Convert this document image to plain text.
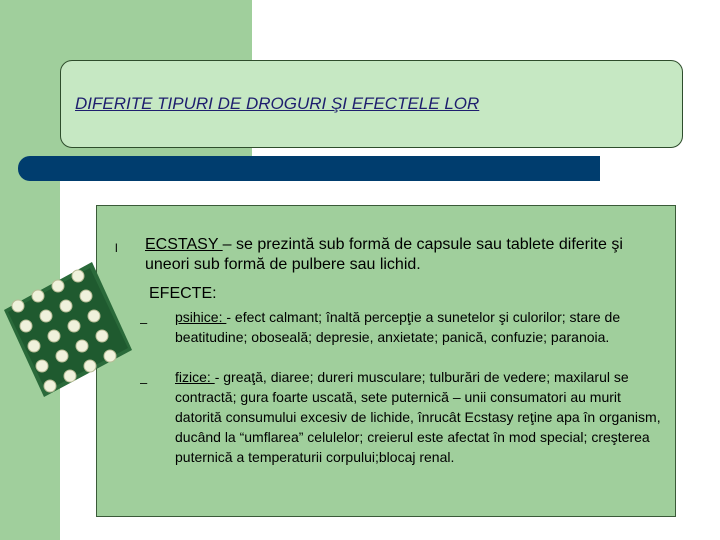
DIFERITE TIPURI DE DROGURI ŞI EFECTELE LOR
l ECSTASY – se prezintă sub formă de capsule sau tablete diferite şi uneori sub formă de pulbere sau lichid.
EFECTE:
– psihice: - efect calmant; înaltă percepţie a sunetelor şi culorilor; stare de beatitudine; oboseală; depresie, anxietate; panică, confuzie; paranoia.
– fizice: - greaţă, diaree; dureri musculare; tulburări de vedere; maxilarul se contractă; gura foarte uscată, sete puternică – unii consumatori au murit datorită consumului excesiv de lichide, înrucât Ecstasy reţine apa în organism, ducând la “umflarea” celulelor; creierul este afectat în mod special; creşterea puternică a temperaturii corpului;blocaj renal.
